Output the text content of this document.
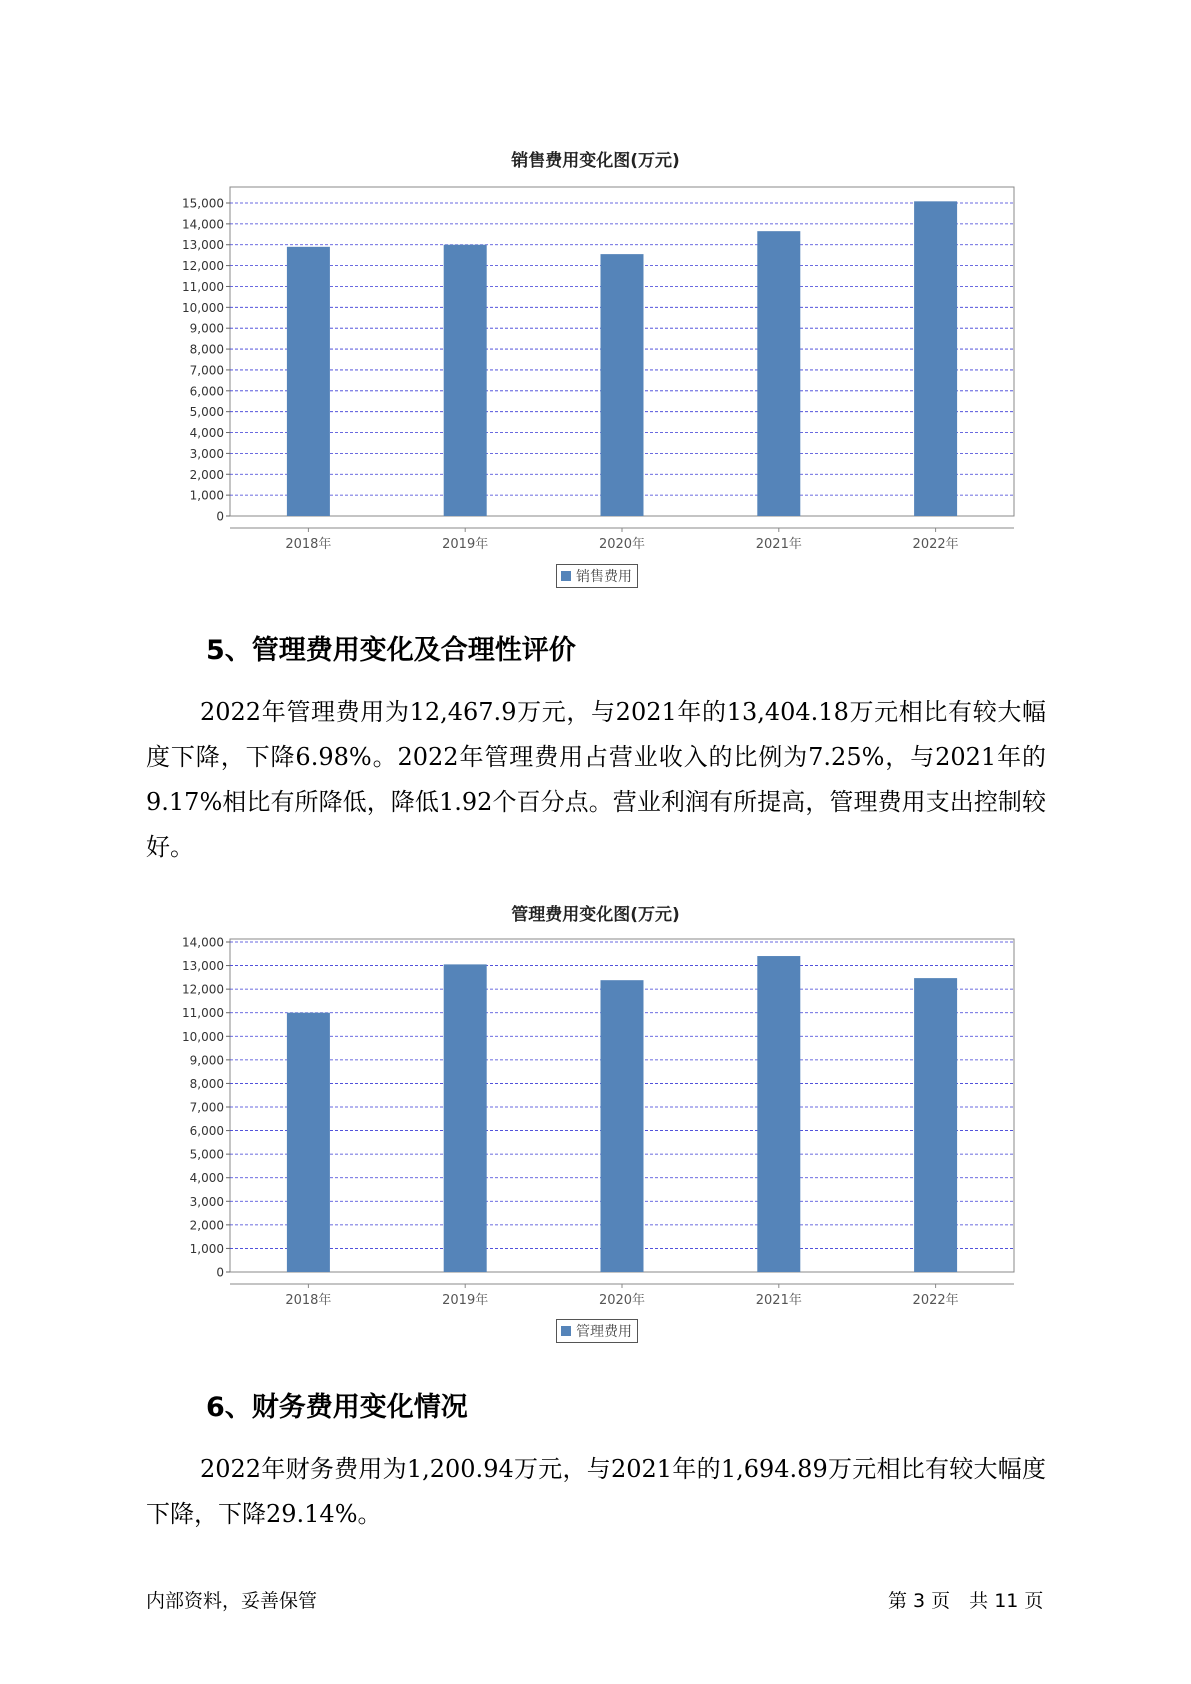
销售费用变化图(万元)
0
1,000
2,000
3,000
4,000
5,000
6,000
7,000
8,000
9,000
10,000
11,000
12,000
13,000
14,000
15,000
2018年	2019年	2020年	2021年	2022年
销售费用
5、管理费用变化及合理性评价
2022年管理费用为12,467.9万元，与2021年的13,404.18万元相比有较大幅度下降，下降6.98%。2022年管理费用占营业收入的比例为7.25%，与2021年的9.17%相比有所降低，降低1.92个百分点。营业利润有所提高，管理费用支出控制较好。
管理费用变化图(万元)
0
1,000
2,000
3,000
4,000
5,000
6,000
7,000
8,000
9,000
10,000
11,000
12,000
13,000
14,000
2018年	2019年	2020年	2021年	2022年
管理费用
6、财务费用变化情况
2022年财务费用为1,200.94万元，与2021年的1,694.89万元相比有较大幅度下降，下降29.14%。
内部资料，妥善保管	第 3 页　共 11 页
